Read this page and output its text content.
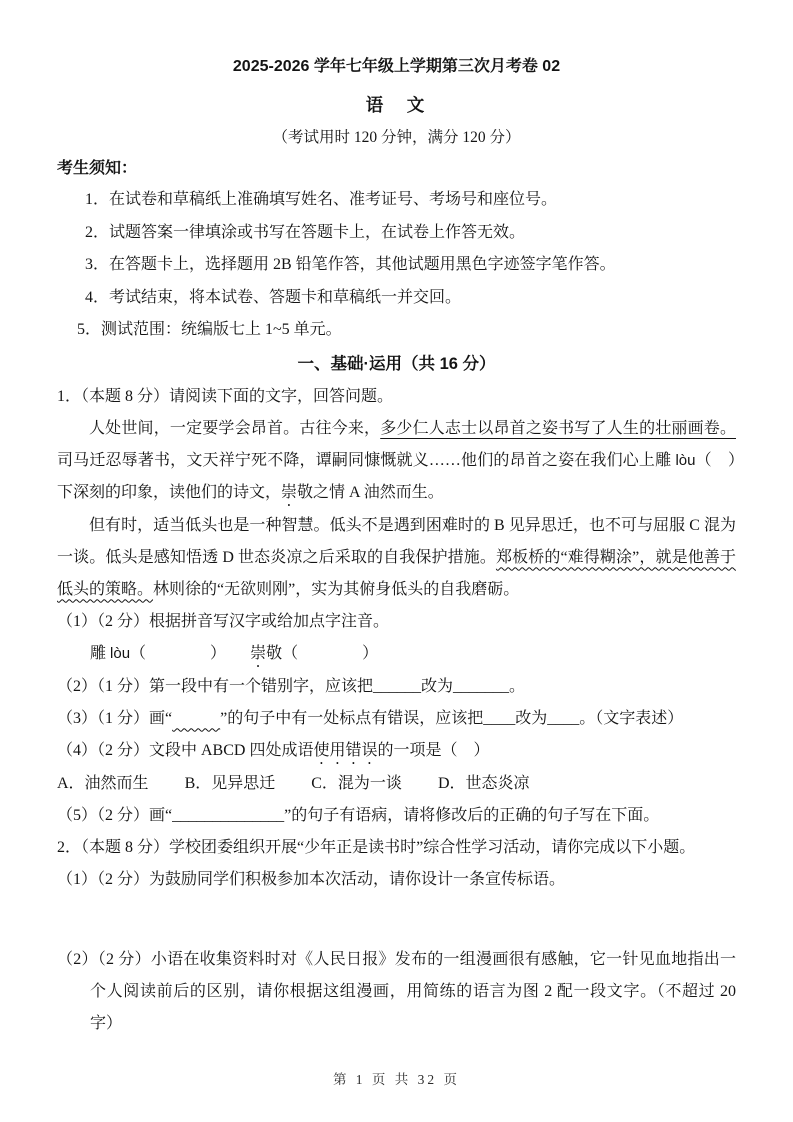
2025-2026 学年七年级上学期第三次月考卷 02
语　文
（考试用时 120 分钟，满分 120 分）
考生须知：
1．在试卷和草稿纸上准确填写姓名、准考证号、考场号和座位号。
2．试题答案一律填涂或书写在答题卡上，在试卷上作答无效。
3．在答题卡上，选择题用 2B 铅笔作答，其他试题用黑色字迹签字笔作答。
4．考试结束，将本试卷、答题卡和草稿纸一并交回。
5．测试范围：统编版七上 1~5 单元。
一、基础·运用（共 16 分）
1．（本题 8 分）请阅读下面的文字，回答问题。

人处世间，一定要学会昂首。古往今来，多少仁人志士以昂首之姿书写了人生的壮丽画卷。司马迁忍辱著书，文天祥宁死不降，谭嗣同慷慨就义……他们的昂首之姿在我们心上雕 lòu（　）下深刻的印象，读他们的诗文，崇敬之情 A 油然而生。

但有时，适当低头也是一种智慧。低头不是遇到困难时的 B 见异思迁，也不可与屈服 C 混为一谈。低头是感知悟透 D 世态炎凉之后采取的自我保护措施。郑板桥的“难得糊涂”，就是他善于低头的策略。林则徐的“无欲则刚”，实为其俯身低头的自我磨砺。

（1）（2 分）根据拼音写汉字或给加点字注音。
雕 lòu（　　　　）　　崇敬（　　　　）
（2）（1 分）第一段中有一个错别字，应该把______改为_______。
（3）（1 分）画“　　　	”的句子中有一处标点有错误，应该把____改为____。（文字表述）
（4）（2 分）文段中 ABCD 四处成语使用错误的一项是（　）
A．油然而生 B．见异思迁 C．混为一谈 D．世态炎凉
（5）（2 分）画“______________”的句子有语病，请将修改后的正确的句子写在下面。
2．（本题 8 分）学校团委组织开展“少年正是读书时”综合性学习活动，请你完成以下小题。
（1）（2 分）为鼓励同学们积极参加本次活动，请你设计一条宣传标语。
（2）（2 分）小语在收集资料时对《人民日报》发布的一组漫画很有感触，它一针见血地指出一个人阅读前后的区别，请你根据这组漫画，用简练的语言为图 2 配一段文字。（不超过 20 字）
第 1 页 共 32 页
